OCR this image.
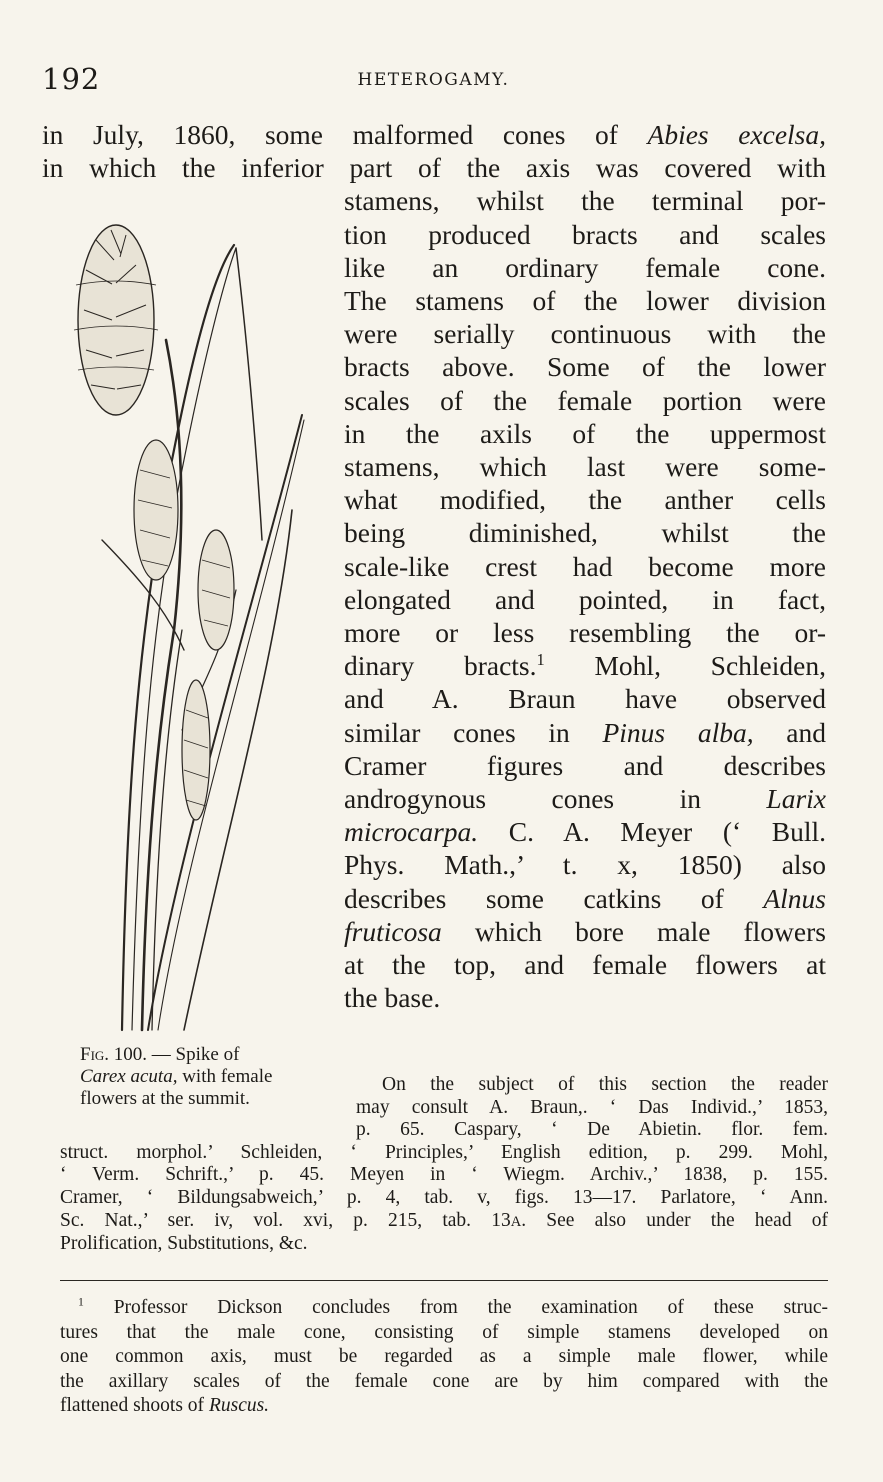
192	HETEROGAMY.
in July, 1860, some malformed cones of Abies excelsa,
in which the inferior part of the axis was covered with
stamens, whilst the terminal por-
tion produced bracts and scales
like an ordinary female cone.
The stamens of the lower division
were serially continuous with the
bracts above. Some of the lower
scales of the female portion were
in the axils of the uppermost
stamens, which last were some-
what modified, the anther cells
being diminished, whilst the
scale-like crest had become more
elongated and pointed, in fact,
more or less resembling the or-
dinary bracts.$^1$ Mohl, Schleiden,
and A. Braun have observed
similar cones in Pinus alba, and
Cramer figures and describes
androgynous cones in Larix
microcarpa. C. A. Meyer (‘ Bull.
Phys. Math.,’ t. x, 1850) also
describes some catkins of Alnus
fruticosa which bore male flowers
at the top, and female flowers at
the base.
Fig. 100. — Spike of
Carex acuta, with female
flowers at the summit.
On the subject of this section the reader
may consult A. Braun,. ‘ Das Individ.,’ 1853,
p. 65. Caspary, ‘ De Abietin. flor. fem.
struct. morphol.’ Schleiden, ‘ Principles,’ English edition, p. 299. Mohl,
‘ Verm. Schrift.,’ p. 45. Meyen in ‘ Wiegm. Archiv.,’ 1838, p. 155.
Cramer, ‘ Bildungsabweich,’ p. 4, tab. v, figs. 13—17. Parlatore, ‘ Ann.
Sc. Nat.,’ ser. iv, vol. xvi, p. 215, tab. 13A. See also under the head of
Prolification, Substitutions, &c.
$^1$ Professor Dickson concludes from the examination of these struc-
tures that the male cone, consisting of simple stamens developed on
one common axis, must be regarded as a simple male flower, while
the axillary scales of the female cone are by him compared with the
flattened shoots of Ruscus.
